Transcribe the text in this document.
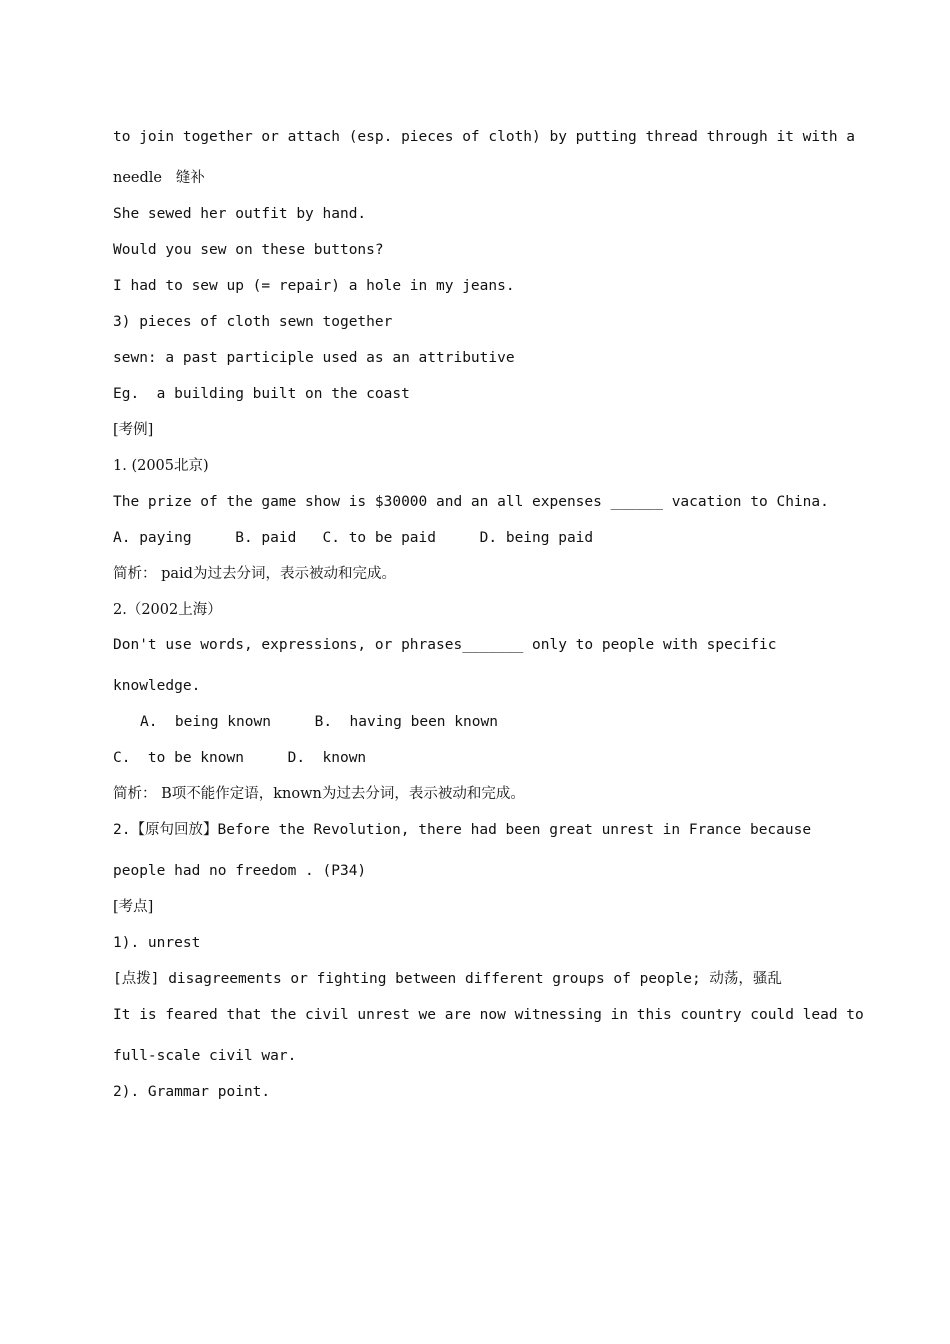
to join together or attach (esp. pieces of cloth) by putting thread through it with a
needle   缝补
She sewed her outfit by hand.
Would you sew on these buttons?
I had to sew up (= repair) a hole in my jeans.
3) pieces of cloth sewn together
sewn: a past participle used as an attributive
Eg.  a building built on the coast
[考例]
1. (2005北京)
The prize of the game show is $30000 and an all expenses ______ vacation to China.
A. paying     B. paid   C. to be paid     D. being paid
简析： paid为过去分词，表示被动和完成。
2.（2002上海）
Don't use words, expressions, or phrases_______ only to people with specific
knowledge.
A.  being known     B.  having been known
C.  to be known     D.  known
简析： B项不能作定语，known为过去分词，表示被动和完成。
2.【原句回放】Before the Revolution, there had been great unrest in France because
people had no freedom . (P34)
[考点]
1). unrest
[点拨] disagreements or fighting between different groups of people; 动荡，骚乱
It is feared that the civil unrest we are now witnessing in this country could lead to
full-scale civil war.
2). Grammar point.
